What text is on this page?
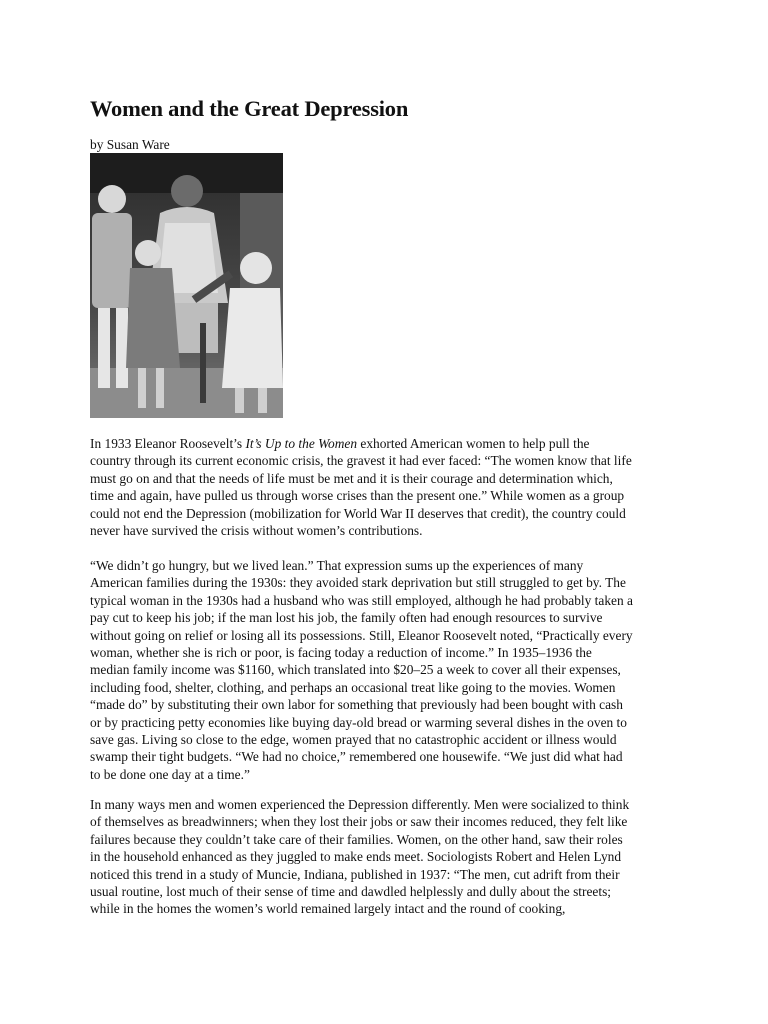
Women and the Great Depression

by Susan Ware

In 1933 Eleanor Roosevelt’s It’s Up to the Women exhorted American women to help pull the
country through its current economic crisis, the gravest it had ever faced: “The women know that life
must go on and that the needs of life must be met and it is their courage and determination which,
time and again, have pulled us through worse crises than the present one.” While women as a group
could not end the Depression (mobilization for World War II deserves that credit), the country could
never have survived the crisis without women’s contributions.

“We didn’t go hungry, but we lived lean.” That expression sums up the experiences of many
American families during the 1930s: they avoided stark deprivation but still struggled to get by. The
typical woman in the 1930s had a husband who was still employed, although he had probably taken a
pay cut to keep his job; if the man lost his job, the family often had enough resources to survive
without going on relief or losing all its possessions. Still, Eleanor Roosevelt noted, “Practically every
woman, whether she is rich or poor, is facing today a reduction of income.” In 1935–1936 the
median family income was $1160, which translated into $20–25 a week to cover all their expenses,
including food, shelter, clothing, and perhaps an occasional treat like going to the movies. Women
“made do” by substituting their own labor for something that previously had been bought with cash
or by practicing petty economies like buying day-old bread or warming several dishes in the oven to
save gas. Living so close to the edge, women prayed that no catastrophic accident or illness would
swamp their tight budgets. “We had no choice,” remembered one housewife. “We just did what had
to be done one day at a time.”

In many ways men and women experienced the Depression differently. Men were socialized to think
of themselves as breadwinners; when they lost their jobs or saw their incomes reduced, they felt like
failures because they couldn’t take care of their families. Women, on the other hand, saw their roles
in the household enhanced as they juggled to make ends meet. Sociologists Robert and Helen Lynd
noticed this trend in a study of Muncie, Indiana, published in 1937: “The men, cut adrift from their
usual routine, lost much of their sense of time and dawdled helplessly and dully about the streets;
while in the homes the women’s world remained largely intact and the round of cooking,
